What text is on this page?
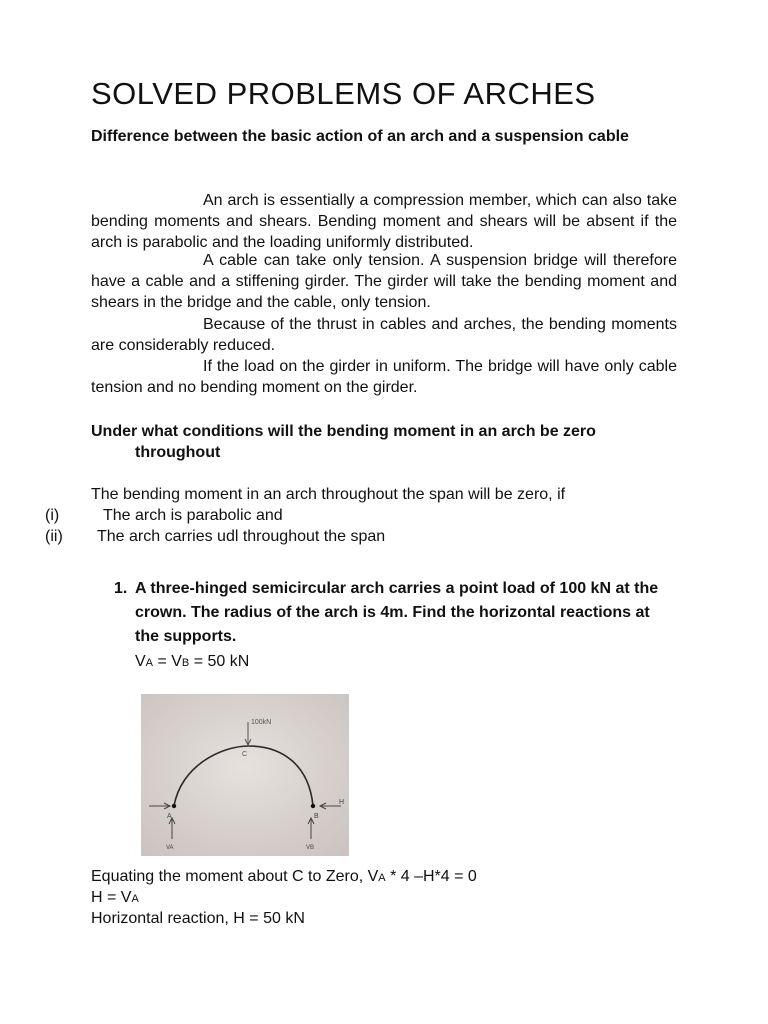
SOLVED PROBLEMS OF ARCHES

Difference between the basic action of an arch and a suspension cable

An arch is essentially a compression member, which can also take bending moments and shears. Bending moment and shears will be absent if the arch is parabolic and the loading uniformly distributed.

A cable can take only tension. A suspension bridge will therefore have a cable and a stiffening girder. The girder will take the bending moment and shears in the bridge and the cable, only tension.

Because of the thrust in cables and arches, the bending moments are considerably reduced.

If the load on the girder in uniform. The bridge will have only cable tension and no bending moment on the girder.

Under what conditions will the bending moment in an arch be zero
throughout

The bending moment in an arch throughout the span will be zero, if

(i)	The arch is parabolic and
(ii) The arch carries udl throughout the span
1. A three-hinged semicircular arch carries a point load of 100 kN at the crown. The radius of the arch is 4m. Find the horizontal reactions at the supports.
VA = VB = 50 kN
100kN
C
H
A	B
VA	VB
Equating the moment about C to Zero, VA * 4 –H*4 = 0
H = VA
Horizontal reaction, H = 50 kN
